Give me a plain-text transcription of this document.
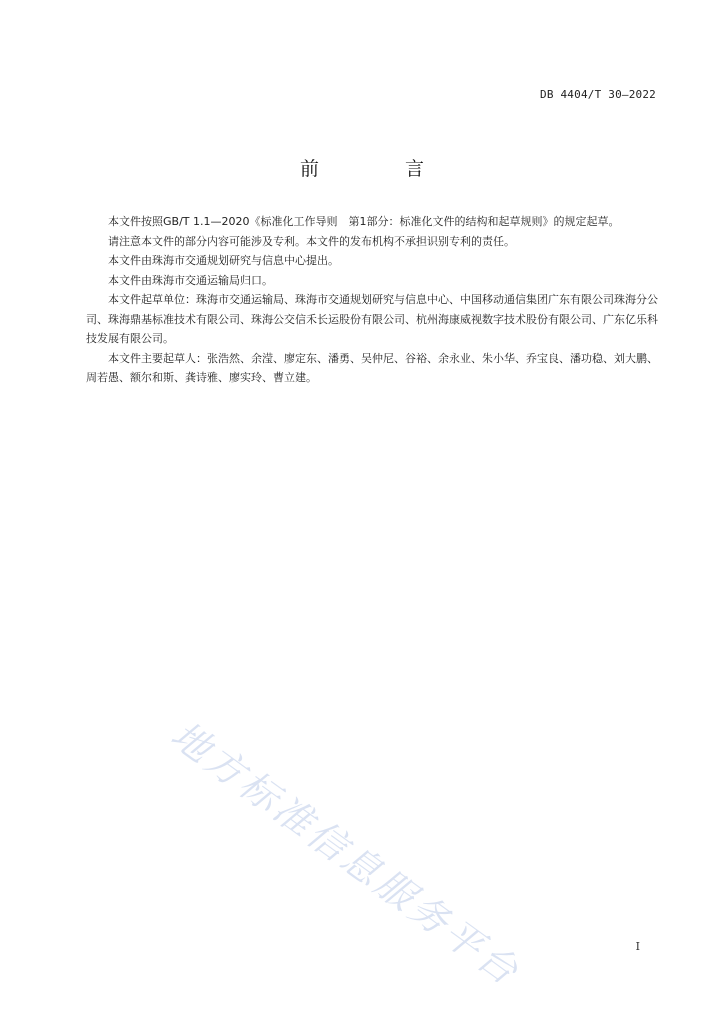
DB 4404/T 30—2022
前 言

本文件按照GB/T 1.1—2020《标准化工作导则　第1部分：标准化文件的结构和起草规则》的规定起草。

请注意本文件的部分内容可能涉及专利。本文件的发布机构不承担识别专利的责任。

本文件由珠海市交通规划研究与信息中心提出。

本文件由珠海市交通运输局归口。

本文件起草单位：珠海市交通运输局、珠海市交通规划研究与信息中心、中国移动通信集团广东有限公司珠海分公司、珠海鼎基标准技术有限公司、珠海公交信禾长运股份有限公司、杭州海康威视数字技术股份有限公司、广东亿乐科技发展有限公司。

本文件主要起草人：张浩然、余滢、廖定东、潘勇、吴仲尼、谷裕、余永业、朱小华、乔宝良、潘功稳、刘大鹏、周若愚、额尔和斯、龚诗雅、廖实玲、曹立建。

地方标准信息服务平台	I
